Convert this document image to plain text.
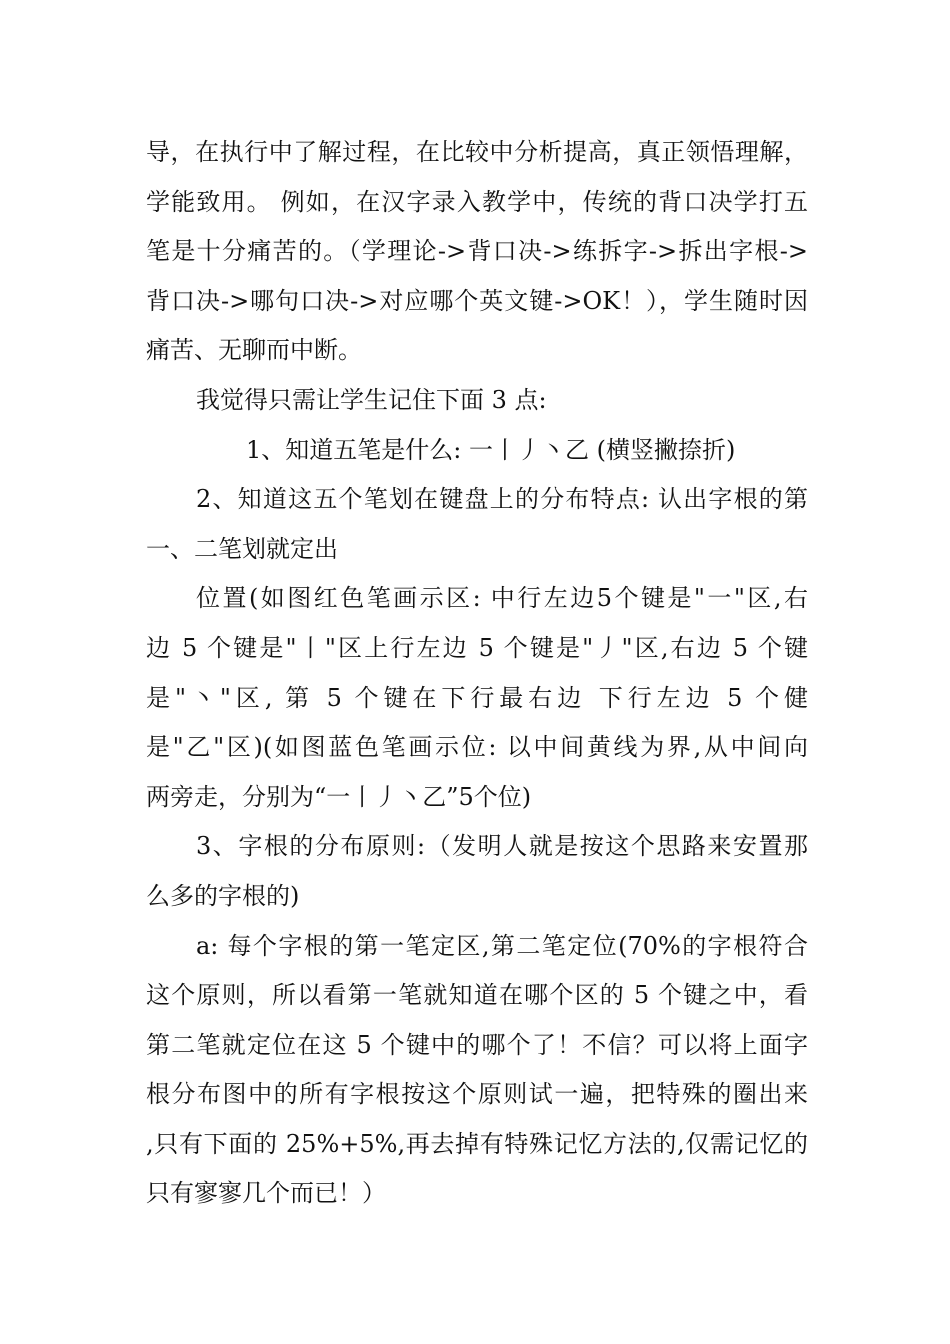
导，在执行中了解过程，在比较中分析提高，真正领悟理解，
学能致用。 例如，在汉字录入教学中，传统的背口决学打五
笔是十分痛苦的。（学理论->背口决->练拆字->拆出字根->
背口决->哪句口决->对应哪个英文键->OK！），学生随时因
痛苦、无聊而中断。
我觉得只需让学生记住下面 3 点:
1、知道五笔是什么: 一丨丿丶乙 (横竖撇捺折)
2、知道这五个笔划在键盘上的分布特点: 认出字根的第
一、二笔划就定出
位置(如图红色笔画示区: 中行左边5个键是"一"区,右
边 5 个键是"丨"区上行左边 5 个键是"丿"区,右边 5 个键
是"丶"区, 第 5 个键在下行最右边 下行左边 5 个健
是"乙"区)(如图蓝色笔画示位: 以中间黄线为界,从中间向
两旁走，分别为“一丨丿丶乙”5个位)
3、字根的分布原则:（发明人就是按这个思路来安置那
么多的字根的)
a: 每个字根的第一笔定区,第二笔定位(70%的字根符合
这个原则，所以看第一笔就知道在哪个区的 5 个键之中，看
第二笔就定位在这 5 个键中的哪个了！不信？可以将上面字
根分布图中的所有字根按这个原则试一遍，把特殊的圈出来
,只有下面的 25%+5%,再去掉有特殊记忆方法的,仅需记忆的
只有寥寥几个而已！）
